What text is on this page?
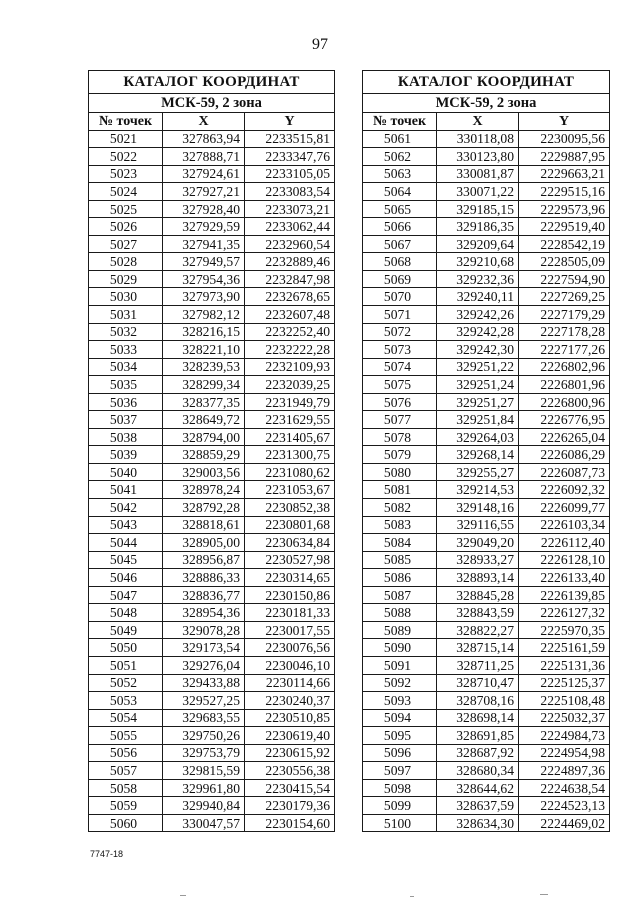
97
КАТАЛОГ КООРДИНАТ		
МСК-59, 2 зона		
№ точек	X	Y
5021	327863,94	2233515,81
5022	327888,71	2233347,76
5023	327924,61	2233105,05
5024	327927,21	2233083,54
5025	327928,40	2233073,21
5026	327929,59	2233062,44
5027	327941,35	2232960,54
5028	327949,57	2232889,46
5029	327954,36	2232847,98
5030	327973,90	2232678,65
5031	327982,12	2232607,48
5032	328216,15	2232252,40
5033	328221,10	2232222,28
5034	328239,53	2232109,93
5035	328299,34	2232039,25
5036	328377,35	2231949,79
5037	328649,72	2231629,55
5038	328794,00	2231405,67
5039	328859,29	2231300,75
5040	329003,56	2231080,62
5041	328978,24	2231053,67
5042	328792,28	2230852,38
5043	328818,61	2230801,68
5044	328905,00	2230634,84
5045	328956,87	2230527,98
5046	328886,33	2230314,65
5047	328836,77	2230150,86
5048	328954,36	2230181,33
5049	329078,28	2230017,55
5050	329173,54	2230076,56
5051	329276,04	2230046,10
5052	329433,88	2230114,66
5053	329527,25	2230240,37
5054	329683,55	2230510,85
5055	329750,26	2230619,40
5056	329753,79	2230615,92
5057	329815,59	2230556,38
5058	329961,80	2230415,54
5059	329940,84	2230179,36
5060	330047,57	2230154,60
КАТАЛОГ КООРДИНАТ		
МСК-59, 2 зона		
№ точек	X	Y
5061	330118,08	2230095,56
5062	330123,80	2229887,95
5063	330081,87	2229663,21
5064	330071,22	2229515,16
5065	329185,15	2229573,96
5066	329186,35	2229519,40
5067	329209,64	2228542,19
5068	329210,68	2228505,09
5069	329232,36	2227594,90
5070	329240,11	2227269,25
5071	329242,26	2227179,29
5072	329242,28	2227178,28
5073	329242,30	2227177,26
5074	329251,22	2226802,96
5075	329251,24	2226801,96
5076	329251,27	2226800,96
5077	329251,84	2226776,95
5078	329264,03	2226265,04
5079	329268,14	2226086,29
5080	329255,27	2226087,73
5081	329214,53	2226092,32
5082	329148,16	2226099,77
5083	329116,55	2226103,34
5084	329049,20	2226112,40
5085	328933,27	2226128,10
5086	328893,14	2226133,40
5087	328845,28	2226139,85
5088	328843,59	2226127,32
5089	328822,27	2225970,35
5090	328715,14	2225161,59
5091	328711,25	2225131,36
5092	328710,47	2225125,37
5093	328708,16	2225108,48
5094	328698,14	2225032,37
5095	328691,85	2224984,73
5096	328687,92	2224954,98
5097	328680,34	2224897,36
5098	328644,62	2224638,54
5099	328637,59	2224523,13
5100	328634,30	2224469,02
7747-18
